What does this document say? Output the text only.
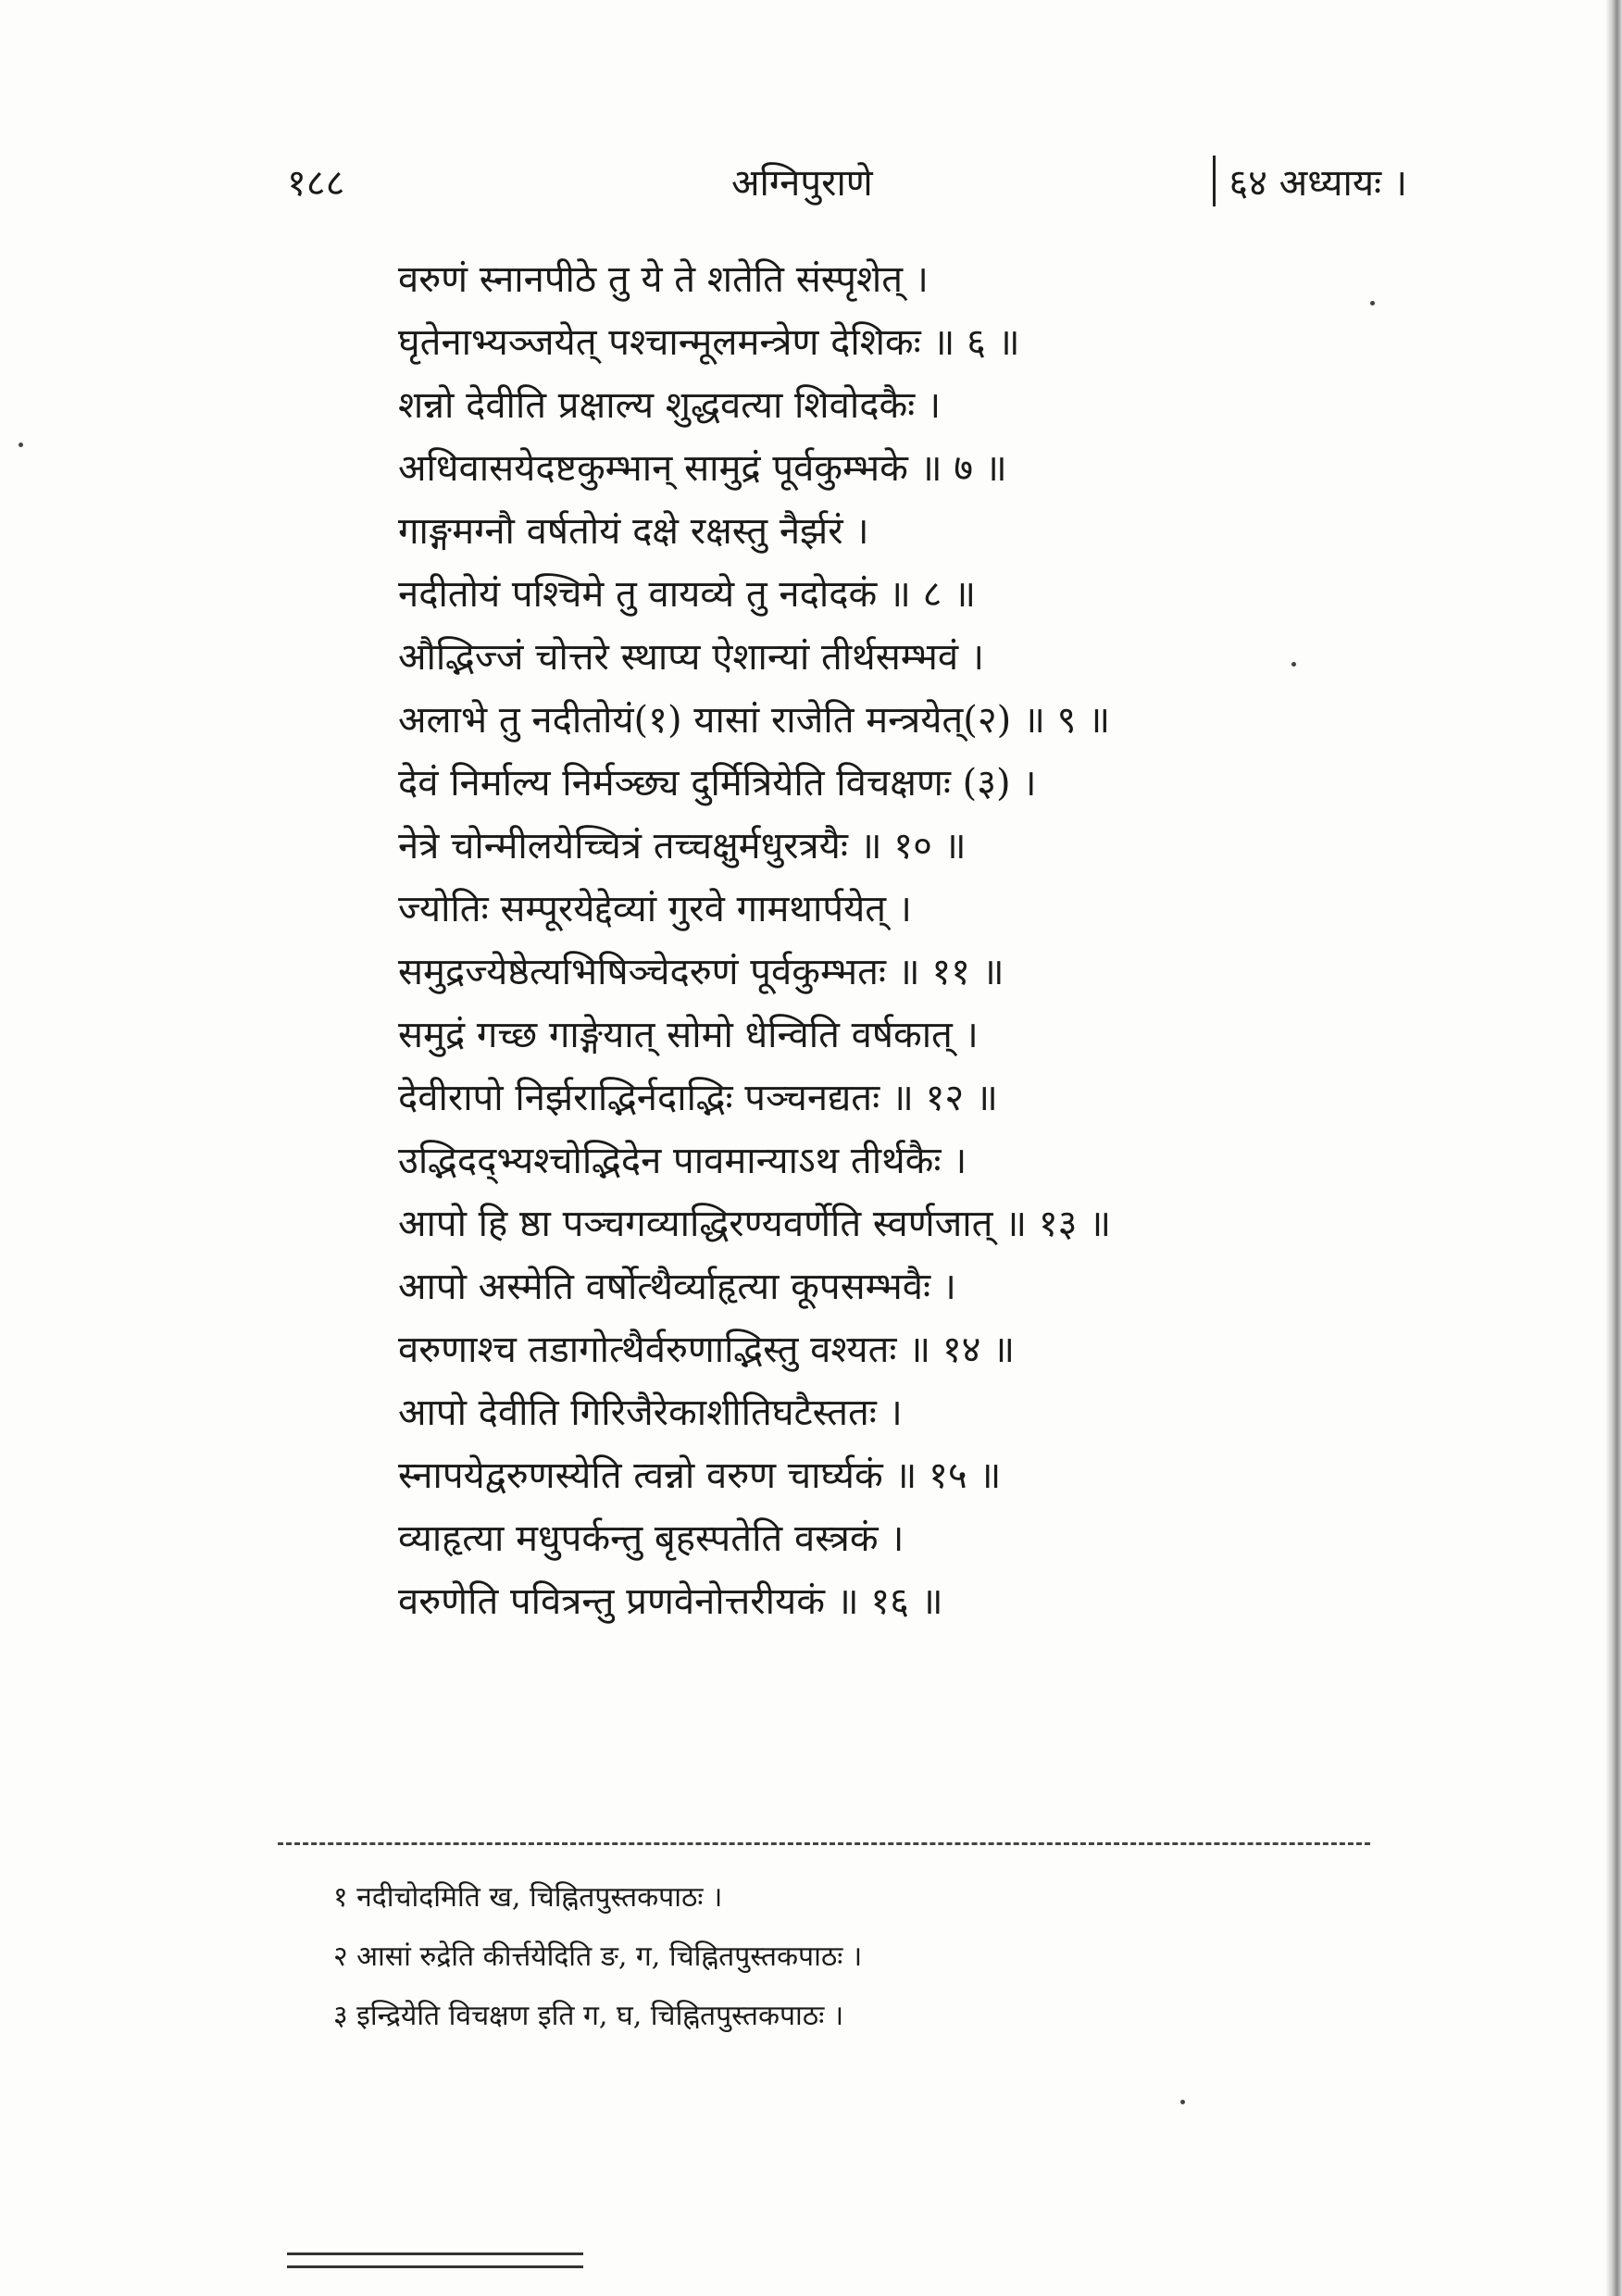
१८८	अग्निपुराणे	६४ अध्यायः ।
वरुणं स्नानपीठे तु ये ते शतेति संस्पृशेत् ।
घृतेनाभ्यञ्जयेत् पश्चान्मूलमन्त्रेण देशिकः ॥ ६ ॥
शन्नो देवीति प्रक्षाल्य शुद्धवत्या शिवोदकैः ।
अधिवासयेदष्टकुम्भान् सामुद्रं पूर्वकुम्भके ॥ ७ ॥
गाङ्गमग्नौ वर्षतोयं दक्षे रक्षस्तु नैर्झरं ।
नदीतोयं पश्चिमे तु वायव्ये तु नदोदकं ॥ ८ ॥
औद्भिज्जं चोत्तरे स्थाप्य ऐशान्यां तीर्थसम्भवं ।
अलाभे तु नदीतोयं(१) यासां राजेति मन्त्रयेत्(२) ॥ ९ ॥
देवं निर्माल्य निर्मञ्छ्य दुर्मित्रियेति विचक्षणः (३) ।
नेत्रे चोन्मीलयेच्चित्रं तच्चक्षुर्मधुरत्रयैः ॥ १० ॥
ज्योतिः सम्पूरयेद्देव्यां गुरवे गामथार्पयेत् ।
समुद्रज्येष्ठेत्यभिषिञ्चेदरुणं पूर्वकुम्भतः ॥ ११ ॥
समुद्रं गच्छ गाङ्गेयात् सोमो धेन्विति वर्षकात् ।
देवीरापो निर्झराद्भिर्नदाद्भिः पञ्चनद्यतः ॥ १२ ॥
उद्भिदद्भ्यश्चोद्भिदेन पावमान्याऽथ तीर्थकैः ।
आपो हि ष्ठा पञ्चगव्याद्धिरण्यवर्णेति स्वर्णजात् ॥ १३ ॥
आपो अस्मेति वर्षोत्थैर्व्याहृत्या कूपसम्भवैः ।
वरुणाश्च तडागोत्थैर्वरुणाद्भिस्तु वश्यतः ॥ १४ ॥
आपो देवीति गिरिजैरेकाशीतिघटैस्ततः ।
स्नापयेद्वरुणस्येति त्वन्नो वरुण चार्घ्यकं ॥ १५ ॥
व्याहृत्या मधुपर्कन्तु बृहस्पतेति वस्त्रकं ।
वरुणेति पवित्रन्तु प्रणवेनोत्तरीयकं ॥ १६ ॥
१ नदीचोदमिति ख, चिह्नितपुस्तकपाठः ।
२ आसां रुद्रेति कीर्त्तयेदिति ङ, ग, चिह्नितपुस्तकपाठः ।
३ इन्द्रियेति विचक्षण इति ग, घ, चिह्नितपुस्तकपाठः ।
